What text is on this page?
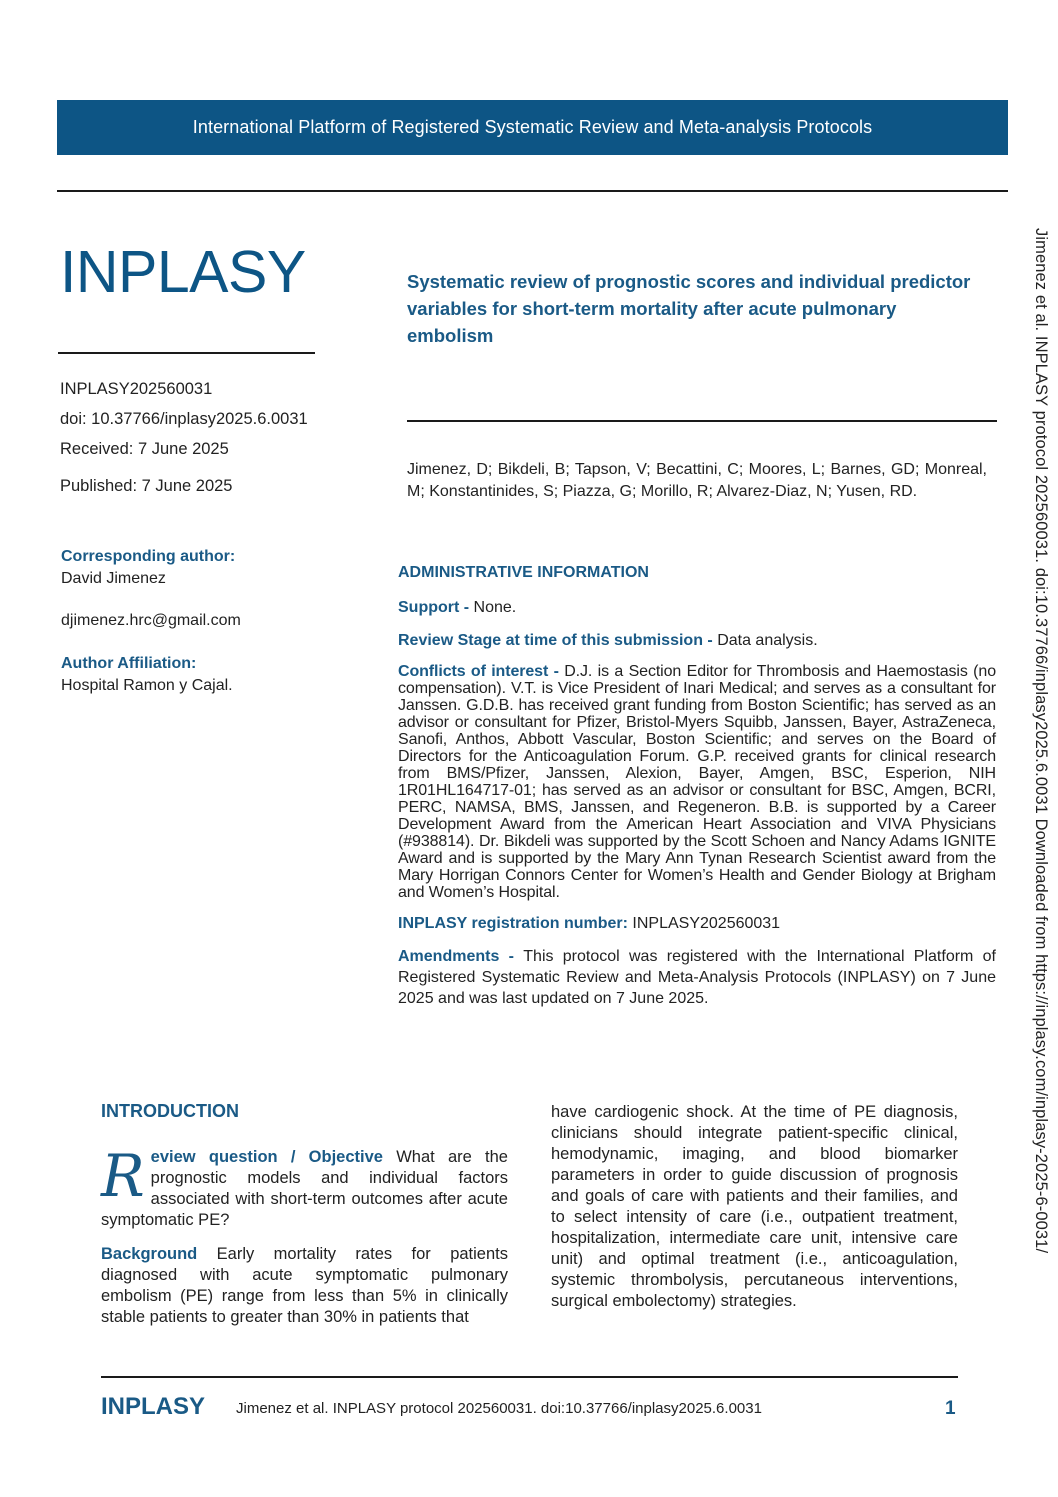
International Platform of Registered Systematic Review and Meta-analysis Protocols
INPLASY
INPLASY202560031
doi: 10.37766/inplasy2025.6.0031
Received: 7 June 2025
Published: 7 June 2025
Corresponding author:
David Jimenez
djimenez.hrc@gmail.com
Author Affiliation:
Hospital Ramon y Cajal.
Systematic review of prognostic scores and individual predictor variables for short-term mortality after acute pulmonary embolism
Jimenez, D; Bikdeli, B; Tapson, V; Becattini, C; Moores, L; Barnes, GD; Monreal, M; Konstantinides, S; Piazza, G; Morillo, R; Alvarez-Diaz, N; Yusen, RD.
ADMINISTRATIVE INFORMATION

Support - None.

Review Stage at time of this submission - Data analysis.

Conflicts of interest - D.J. is a Section Editor for Thrombosis and Haemostasis (no compensation). V.T. is Vice President of Inari Medical; and serves as a consultant for Janssen. G.D.B. has received grant funding from Boston Scientific; has served as an advisor or consultant for Pfizer, Bristol-Myers Squibb, Janssen, Bayer, AstraZeneca, Sanofi, Anthos, Abbott Vascular, Boston Scientific; and serves on the Board of Directors for the Anticoagulation Forum. G.P. received grants for clinical research from BMS/Pfizer, Janssen, Alexion, Bayer, Amgen, BSC, Esperion, NIH 1R01HL164717-01; has served as an advisor or consultant for BSC, Amgen, BCRI, PERC, NAMSA, BMS, Janssen, and Regeneron. B.B. is supported by a Career Development Award from the American Heart Association and VIVA Physicians (#938814). Dr. Bikdeli was supported by the Scott Schoen and Nancy Adams IGNITE Award and is supported by the Mary Ann Tynan Research Scientist award from the Mary Horrigan Connors Center for Women’s Health and Gender Biology at Brigham and Women’s Hospital.

INPLASY registration number: INPLASY202560031

Amendments - This protocol was registered with the International Platform of Registered Systematic Review and Meta-Analysis Protocols (INPLASY) on 7 June 2025 and was last updated on 7 June 2025.

INTRODUCTION

Review question / Objective What are the prognostic models and individual factors associated with short-term outcomes after acute symptomatic PE?

Background Early mortality rates for patients diagnosed with acute symptomatic pulmonary embolism (PE) range from less than 5% in clinically stable patients to greater than 30% in patients that

have cardiogenic shock. At the time of PE diagnosis, clinicians should integrate patient-specific clinical, hemodynamic, imaging, and blood biomarker parameters in order to guide discussion of prognosis and goals of care with patients and their families, and to select intensity of care (i.e., outpatient treatment, hospitalization, intermediate care unit, intensive care unit) and optimal treatment (i.e., anticoagulation, systemic thrombolysis, percutaneous interventions, surgical embolectomy) strategies.
INPLASY Jimenez et al. INPLASY protocol 202560031. doi:10.37766/inplasy2025.6.0031	1
Jimenez et al. INPLASY protocol 202560031. doi:10.37766/inplasy2025.6.0031 Downloaded from https://inplasy.com/inplasy-2025-6-0031/
